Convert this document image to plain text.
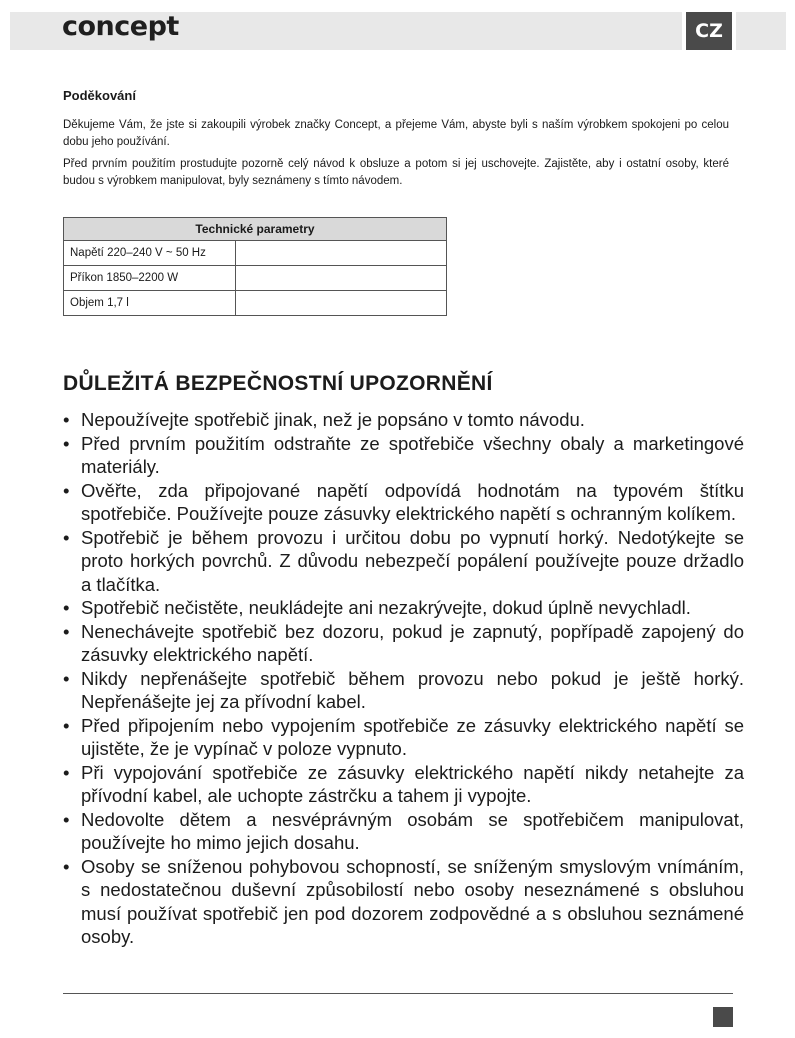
concept	CZ
Poděkování

Děkujeme Vám, že jste si zakoupili výrobek značky Concept, a přejeme Vám, abyste byli s naším výrobkem spokojeni po celou dobu jeho používání.

Před prvním použitím prostudujte pozorně celý návod k obsluze a potom si jej uschovejte. Zajistěte, aby i ostatní osoby, které budou s výrobkem manipulovat, byly seznámeny s tímto návodem.

Technické parametry	
Napětí 220–240 V ~ 50 Hz	
Příkon 1850–2200 W	
Objem 1,7 l	
DŮLEŽITÁ BEZPEČNOSTNÍ UPOZORNĚNÍ
• Nepoužívejte spotřebič jinak, než je popsáno v tomto návodu.
• Před prvním použitím odstraňte ze spotřebiče všechny obaly a marketingové materiály.
• Ověřte, zda připojované napětí odpovídá hodnotám na typovém štítku spotřebiče. Používejte pouze zásuvky elektrického napětí s ochranným kolíkem.
• Spotřebič je během provozu i určitou dobu po vypnutí horký. Nedotýkejte se proto horkých povrchů. Z důvodu nebezpečí popálení používejte pouze držadlo a tlačítka.
• Spotřebič nečistěte, neukládejte ani nezakrývejte, dokud úplně nevychladl.
• Nenechávejte spotřebič bez dozoru, pokud je zapnutý, popřípadě zapojený do zásuvky elektrického napětí.
• Nikdy nepřenášejte spotřebič během provozu nebo pokud je ještě horký. Nepřenášejte jej za přívodní kabel.
• Před připojením nebo vypojením spotřebiče ze zásuvky elektrického napětí se ujistěte, že je vypínač v poloze vypnuto.
• Při vypojování spotřebiče ze zásuvky elektrického napětí nikdy netahejte za přívodní kabel, ale uchopte zástrčku a tahem ji vypojte.
• Nedovolte dětem a nesvéprávným osobám se spotřebičem manipulovat, používejte ho mimo jejich dosahu.
• Osoby se sníženou pohybovou schopností, se sníženým smyslovým vnímáním, s nedostatečnou duševní způsobilostí nebo osoby neseznámené s obsluhou musí používat spotřebič jen pod dozorem zodpovědné a s obsluhou seznámené osoby.
